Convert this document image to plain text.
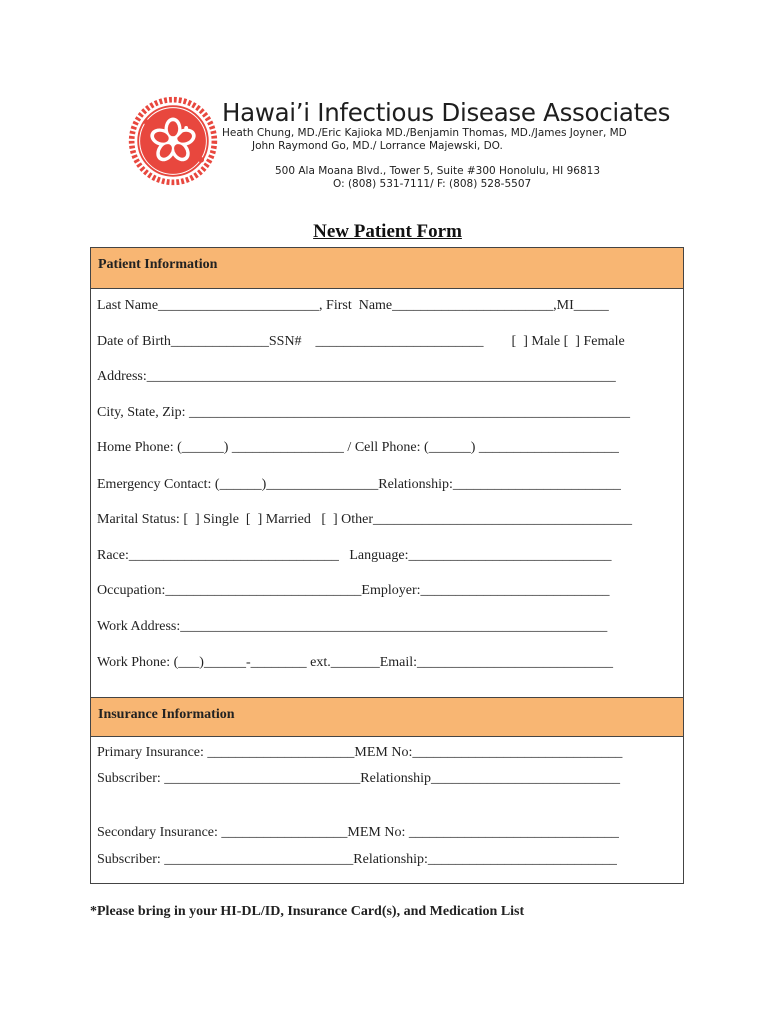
Hawai’i Infectious Disease Associates
Heath Chung, MD./Eric Kajioka MD./Benjamin Thomas, MD./James Joyner, MD
John Raymond Go, MD./ Lorrance Majewski, DO.
500 Ala Moana Blvd., Tower 5, Suite #300 Honolulu, HI 96813
O: (808) 531-7111/ F: (808) 528-5507
New Patient Form
Patient Information
Insurance Information
Last Name_______________________, First  Name_______________________,MI_____
Date of Birth______________SSN#    ________________________        [  ] Male [  ] Female
Address:___________________________________________________________________
City, State, Zip: _______________________________________________________________
Home Phone: (______) ________________ / Cell Phone: (______) ____________________
Emergency Contact: (______)________________Relationship:________________________
Marital Status: [  ] Single  [  ] Married   [  ] Other_____________________________________
Race:______________________________   Language:_____________________________
Occupation:____________________________Employer:___________________________
Work Address:_____________________________________________________________
Work Phone: (___)______-________ ext._______Email:____________________________
Primary Insurance: _____________________MEM No:______________________________
Subscriber: ____________________________Relationship___________________________
Secondary Insurance: __________________MEM No: ______________________________
Subscriber: ___________________________Relationship:___________________________
*Please bring in your HI-DL/ID, Insurance Card(s), and Medication List
